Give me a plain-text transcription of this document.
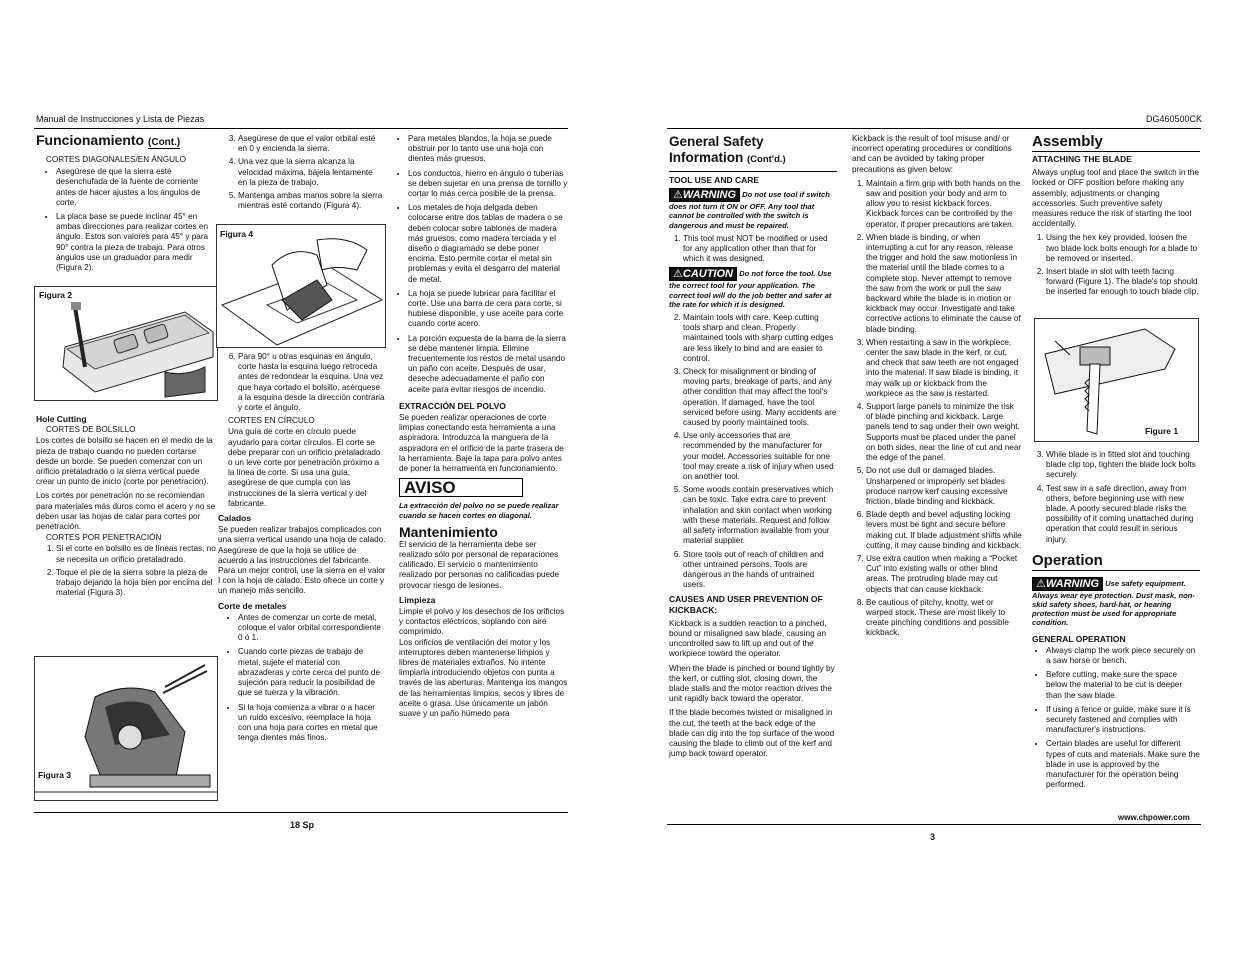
Manual de Instrucciones y Lista de Piezas	DG460500CK
Funcionamiento (Cont.)
CORTES DIAGONALES/EN ÁNGULO
• Asegúrese de que la sierra esté desenchufada de la fuente de corriente antes de hacer ajustes a los ángulos de corte.
• La placa base se puede inclinar 45° en ambas direcciones para realizar cortes en ángulo. Estos son valores para 45° y para 90° contra la pieza de trabajo. Para otros ángulos use un graduador para medir (Figura 2).
Figura 2
Hole Cutting
CORTES DE BOLSILLO

Los cortes de bolsillo se hacen en el medio de la pieza de trabajo cuando no pueden cortarse desde un borde. Se pueden comenzar con un orificio pretaladrado o la sierra vertical puede crear un punto de inicio (corte por penetración).

Los cortes por penetración no se recomiendan para materiales más duros como el acero y no se deben usar las hojas de calar para cortes por penetración.

CORTES POR PENETRACIÓN
1. Si el corte en bolsillo es de líneas rectas, no se necesita un orificio pretaladrado.
2. Toque el pie de la sierra sobre la pieza de trabajo dejando la hoja bien por encima del material (Figura 3).
Figura 3
3. Asegúrese de que el valor orbital esté en 0 y encienda la sierra.
4. Una vez que la sierra alcanza la velocidad máxima, bájela lentamente en la pieza de trabajo.
5. Mantenga ambas manos sobre la sierra mientras esté cortando (Figura 4).
Figura 4
6. Para 90° u otras esquinas en ángulo, corte hasta la esquina luego retroceda antes de redondear la esquina. Una vez que haya cortado el bolsillo, acérquese a la esquina desde la dirección contraria y corte el ángulo.
CORTES EN CÍRCULO

Una guía de corte en círculo puede ayudarlo para cortar círculos. El corte se debe preparar con un orificio pretaladrado o un leve corte por penetración próximo a la línea de corte. Si usa una guía, asegúrese de que cumpla con las instrucciones de la sierra vertical y del fabricante.

Calados

Se pueden realizar trabajos complicados con una sierra vertical usando una hoja de calado. Asegúrese de que la hoja se utilice de acuerdo a las instrucciones del fabricante. Para un mejor control, use la sierra en el valor I con la hoja de calado. Esto ofrece un corte y un manejo más sencillo.

Corte de metales
• Antes de comenzar un corte de metal, coloque el valor orbital correspondiente 0 ó 1.
• Cuando corte piezas de trabajo de metal, sujete el material con abrazaderas y corte cerca del punto de sujeción para reducir la posibilidad de que se tuerza y la vibración.
• Si la hoja comienza a vibrar o a hacer un ruido excesivo, reemplace la hoja con una hoja para cortes en metal que tenga dientes más finos.
• Para metales blandos, la hoja se puede obstruir por lo tanto use una hoja con dientes más gruesos.
• Los conductos, hierro en ángulo o tuberías se deben sujetar en una prensa de tornillo y cortar lo más cerca posible de la prensa.
• Los metales de hoja delgada deben colocarse entre dos tablas de madera o se deben colocar sobre tablones de madera más gruesos, como madera terciada y el diseño o diagramado se debe poner encima. Esto permite cortar el metal sin problemas y evita el desgarro del material de metal.
• La hoja se puede lubricar para facilitar el corte. Use una barra de cera para corte, si hubiese disponible, y use aceite para corte cuando corte acero.
• La porción expuesta de la barra de la sierra se debe mantener limpia. Elimine frecuentemente los restos de metal usando un paño con aceite. Después de usar, deseche adecuadamente el paño con aceite para evitar riesgos de incendio.
EXTRACCIÓN DEL POLVO

Se pueden realizar operaciones de corte limpias conectando esta herramienta a una aspiradora. Introduzca la manguera de la aspiradora en el orificio de la parte trasera de la herramienta. Baje la tapa para polvo antes de poner la herramienta en funcionamiento.

AVISO

La extracción del polvo no se puede realizar cuando se hacen cortes en diagonal.

Mantenimiento

El servicio de la herramienta debe ser realizado sólo por personal de reparaciones calificado. El servicio o mantenimiento realizado por personas no calificadas puede provocar riesgo de lesiones.

Limpieza

Limpie el polvo y los desechos de los orificios y contactos eléctricos, soplando con aire comprimido.

Los orificios de ventilación del motor y los interruptores deben mantenerse limpios y libres de materiales extraños. No intente limpiarla introduciendo objetos con punta a través de las aberturas. Mantenga los mangos de las herramientas limpios, secos y libres de aceite o grasa. Use únicamente un jabón suave y un paño húmedo para

18 Sp
General Safety
Information (Cont'd.)
TOOL USE AND CARE

⚠WARNING Do not use tool if switch does not turn it ON or OFF. Any tool that cannot be controlled with the switch is dangerous and must be repaired.

1. This tool must NOT be modified or used for any application other than that for which it was designed.

⚠CAUTION Do not force the tool. Use the correct tool for your application. The correct tool will do the job better and safer at the rate for which it is designed.

2. Maintain tools with care. Keep cutting tools sharp and clean. Properly maintained tools with sharp cutting edges are less likely to bind and are easier to control.
3. Check for misalignment or binding of moving parts, breakage of parts, and any other condition that may affect the tool's operation. If damaged, have the tool serviced before using. Many accidents are caused by poorly maintained tools.
4. Use only accessories that are recommended by the manufacturer for your model. Accessories suitable for one tool may create a risk of injury when used on another tool.
5. Some woods contain preservatives which can be toxic. Take extra care to prevent inhalation and skin contact when working with these materials. Request and follow all safety information available from your material supplier.
6. Store tools out of reach of children and other untrained persons. Tools are dangerous in the hands of untrained users.
CAUSES AND USER PREVENTION OF KICKBACK:

Kickback is a sudden reaction to a pinched, bound or misaligned saw blade, causing an uncontrolled saw to lift up and out of the workpiece toward the operator.

When the blade is pinched or bound tightly by the kerf, or cutting slot, closing down, the blade stalls and the motor reaction drives the unit rapidly back toward the operator.

If the blade becomes twisted or misaligned in the cut, the teeth at the back edge of the blade can dig into the top surface of the wood causing the blade to climb out of the kerf and jump back toward operator.

Kickback is the result of tool misuse and/ or incorrect operating procedures or conditions and can be avoided by taking proper precautions as given below:

1. Maintain a firm grip with both hands on the saw and position your body and arm to allow you to resist kickback forces. Kickback forces can be controlled by the operator, if proper precautions are taken.
2. When blade is binding, or when interrupting a cut for any reason, release the trigger and hold the saw motionless in the material until the blade comes to a complete stop. Never attempt to remove the saw from the work or pull the saw backward while the blade is in motion or kickback may occur. Investigate and take corrective actions to eliminate the cause of blade binding.
3. When restarting a saw in the workpiece, center the saw blade in the kerf, or cut, and check that saw teeth are not engaged into the material. If saw blade is binding, it may walk up or kickback from the workpiece as the saw is restarted.
4. Support large panels to minimize the risk of blade pinching and kickback. Large panels tend to sag under their own weight. Supports must be placed under the panel on both sides, near the line of cut and near the edge of the panel.
5. Do not use dull or damaged blades. Unsharpened or improperly set blades produce narrow kerf causing excessive friction, blade binding and kickback.
6. Blade depth and bevel adjusting locking levers must be tight and secure before making cut. If blade adjustment shifts while cutting, it may cause binding and kickback.
7. Use extra caution when making a “Pocket Cut” into existing walls or other blind areas. The protruding blade may cut objects that can cause kickback.
8. Be cautious of pitchy, knotty, wet or warped stock. These are most likely to create pinching conditions and possible kickback.
Assembly
ATTACHING THE BLADE

Always unplug tool and place the switch in the locked or OFF position before making any assembly, adjustments or changing accessories. Such preventive safety measures reduce the risk of starting the tool accidentally.

1. Using the hex key provided, loosen the two blade lock bolts enough for a blade to be removed or inserted.
2. Insert blade in slot with teeth facing forward (Figure 1). The blade's top should be inserted far enough to touch blade clip.
Figure 1
3. While blade is in fitted slot and touching blade clip top, tighten the blade lock bolts securely.
4. Test saw in a safe direction, away from others, before beginning use with new blade. A poorly secured blade risks the possibility of it coming unattached during operation that could result in serious injury.
Operation

⚠WARNING Use safety equipment. Always wear eye protection. Dust mask, non-skid safety shoes, hard-hat, or hearing protection must be used for appropriate condition.

GENERAL OPERATION
• Always clamp the work piece securely on a saw horse or bench.
• Before cutting, make sure the space below the material to be cut is deeper than the saw blade.
• If using a fence or guide, make sure it is securely fastened and complies with manufacturer's instructions.
• Certain blades are useful for different types of cuts and materials. Make sure the blade in use is approved by the manufacturer for the operation being performed.
www.chpower.com
3
